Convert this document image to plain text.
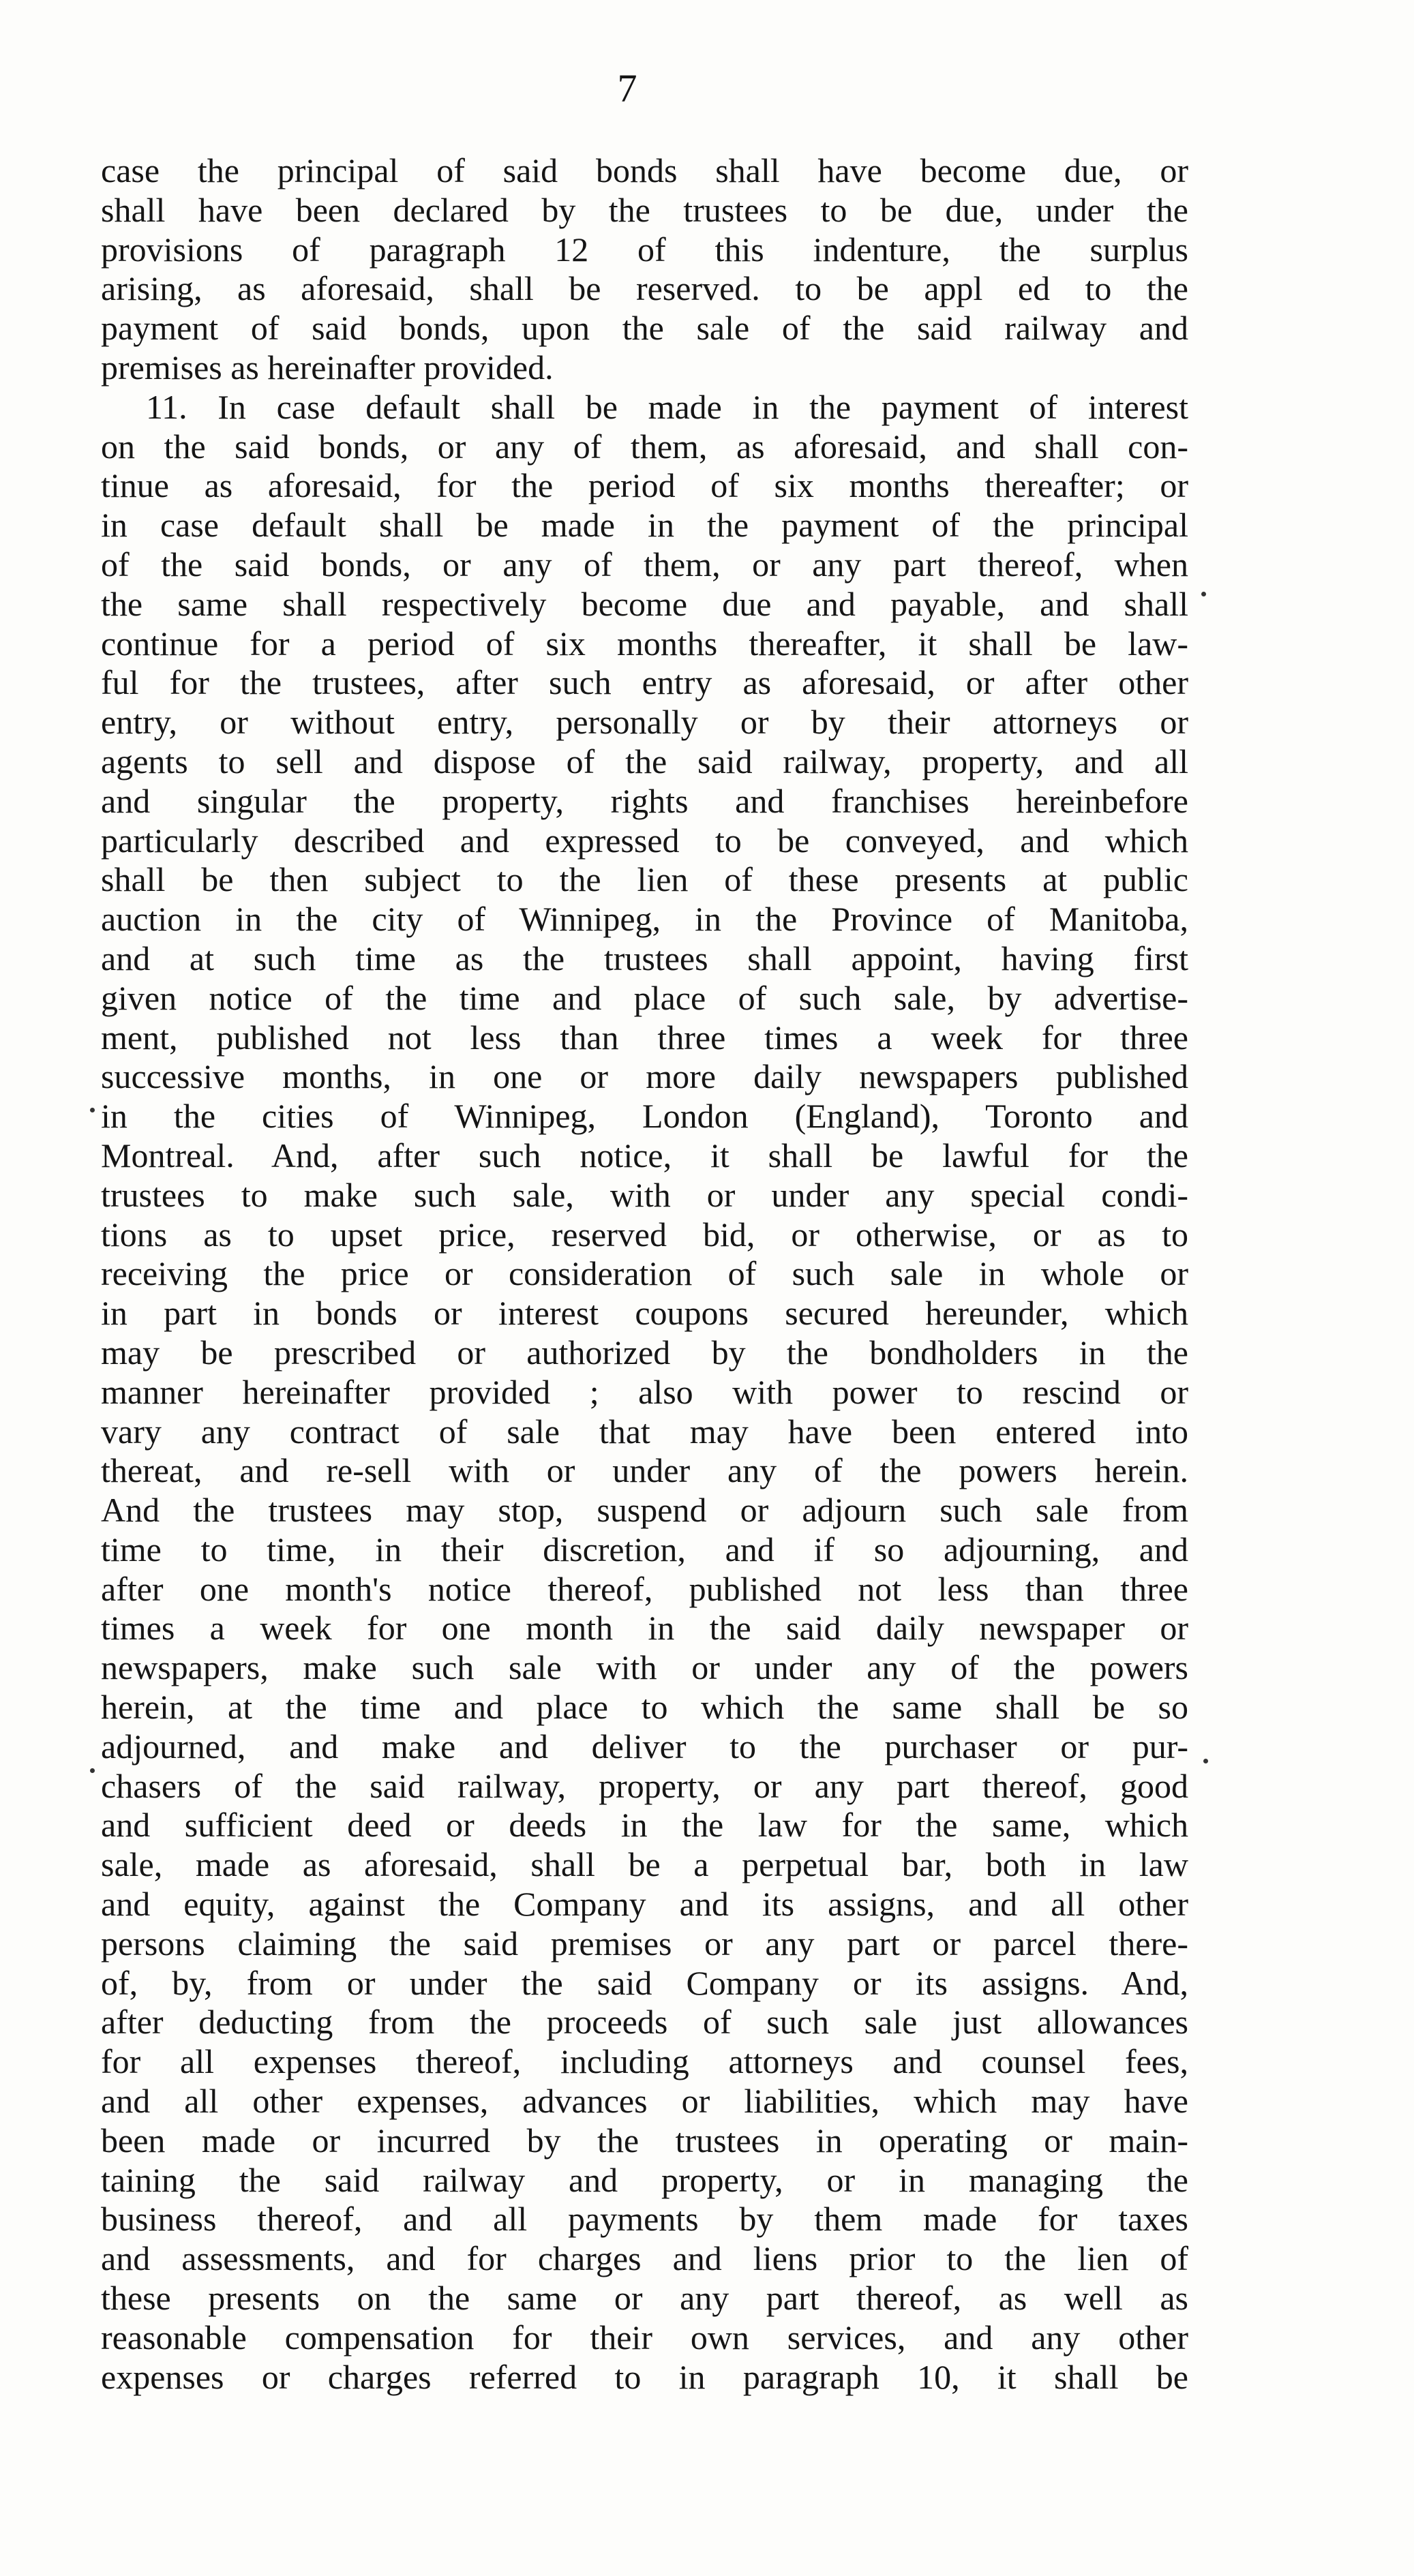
7
case the principal of said bonds shall have become due, or
shall have been declared by the trustees to be due, under the
provisions of paragraph 12 of this indenture, the surplus
arising, as aforesaid, shall be reserved. to be appl ed to the
payment of said bonds, upon the sale of the said railway and
premises as hereinafter provided.
11. In case default shall be made in the payment of interest
on the said bonds, or any of them, as aforesaid, and shall con-
tinue as aforesaid, for the period of six months thereafter; or
in case default shall be made in the payment of the principal
of the said bonds, or any of them, or any part thereof, when
the same shall respectively become due and payable, and shall
continue for a period of six months thereafter, it shall be law-
ful for the trustees, after such entry as aforesaid, or after other
entry, or without entry, personally or by their attorneys or
agents to sell and dispose of the said railway, property, and all
and singular the property, rights and franchises hereinbefore
particularly described and expressed to be conveyed, and which
shall be then subject to the lien of these presents at public
auction in the city of Winnipeg, in the Province of Manitoba,
and at such time as the trustees shall appoint, having first
given notice of the time and place of such sale, by advertise-
ment, published not less than three times a week for three
successive months, in one or more daily newspapers published
in the cities of Winnipeg, London (England), Toronto and
Montreal. And, after such notice, it shall be lawful for the
trustees to make such sale, with or under any special condi-
tions as to upset price, reserved bid, or otherwise, or as to
receiving the price or consideration of such sale in whole or
in part in bonds or interest coupons secured hereunder, which
may be prescribed or authorized by the bondholders in the
manner hereinafter provided ; also with power to rescind or
vary any contract of sale that may have been entered into
thereat, and re-sell with or under any of the powers herein.
And the trustees may stop, suspend or adjourn such sale from
time to time, in their discretion, and if so adjourning, and
after one month's notice thereof, published not less than three
times a week for one month in the said daily newspaper or
newspapers, make such sale with or under any of the powers
herein, at the time and place to which the same shall be so
adjourned, and make and deliver to the purchaser or pur-
chasers of the said railway, property, or any part thereof, good
and sufficient deed or deeds in the law for the same, which
sale, made as aforesaid, shall be a perpetual bar, both in law
and equity, against the Company and its assigns, and all other
persons claiming the said premises or any part or parcel there-
of, by, from or under the said Company or its assigns. And,
after deducting from the proceeds of such sale just allowances
for all expenses thereof, including attorneys and counsel fees,
and all other expenses, advances or liabilities, which may have
been made or incurred by the trustees in operating or main-
taining the said railway and property, or in managing the
business thereof, and all payments by them made for taxes
and assessments, and for charges and liens prior to the lien of
these presents on the same or any part thereof, as well as
reasonable compensation for their own services, and any other
expenses or charges referred to in paragraph 10, it shall be
